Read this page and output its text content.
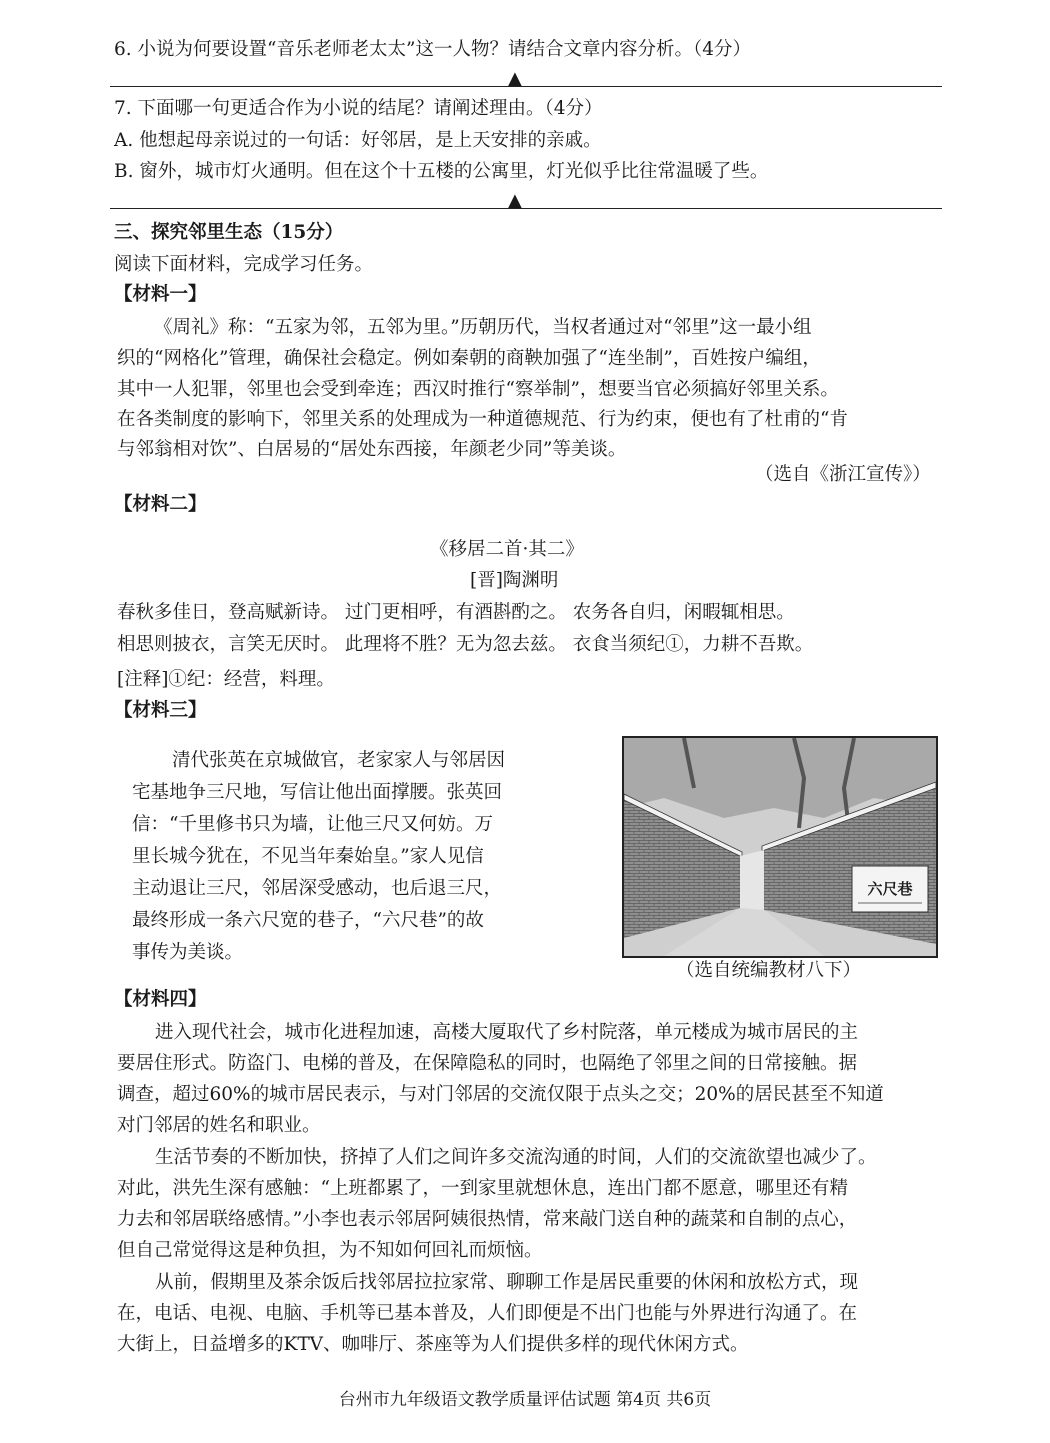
6. 小说为何要设置“音乐老师老太太”这一人物？请结合文章内容分析。（4分）
▲
7. 下面哪一句更适合作为小说的结尾？请阐述理由。（4分）
A. 他想起母亲说过的一句话：好邻居，是上天安排的亲戚。
B. 窗外，城市灯火通明。但在这个十五楼的公寓里，灯光似乎比往常温暖了些。
▲
三、探究邻里生态（15分）
阅读下面材料，完成学习任务。
【材料一】
《周礼》称：“五家为邻，五邻为里。”历朝历代，当权者通过对“邻里”这一最小组
织的“网格化”管理，确保社会稳定。例如秦朝的商鞅加强了“连坐制”，百姓按户编组，
其中一人犯罪，邻里也会受到牵连；西汉时推行“察举制”，想要当官必须搞好邻里关系。
在各类制度的影响下，邻里关系的处理成为一种道德规范、行为约束，便也有了杜甫的“肯
与邻翁相对饮”、白居易的“居处东西接，年颜老少同”等美谈。
（选自《浙江宣传》）
【材料二】
《移居二首·其二》
[晋]陶渊明
春秋多佳日，登高赋新诗。 过门更相呼，有酒斟酌之。 农务各自归，闲暇辄相思。
相思则披衣，言笑无厌时。 此理将不胜？无为忽去兹。 衣食当须纪①，力耕不吾欺。
[注释]①纪：经营，料理。
【材料三】
清代张英在京城做官，老家家人与邻居因
宅基地争三尺地，写信让他出面撑腰。张英回
信：“千里修书只为墙，让他三尺又何妨。万
里长城今犹在，不见当年秦始皇。”家人见信
主动退让三尺，邻居深受感动，也后退三尺，
最终形成一条六尺宽的巷子，“六尺巷”的故
事传为美谈。
六尺巷
（选自统编教材八下）
【材料四】
进入现代社会，城市化进程加速，高楼大厦取代了乡村院落，单元楼成为城市居民的主
要居住形式。防盗门、电梯的普及，在保障隐私的同时，也隔绝了邻里之间的日常接触。据
调查，超过60%的城市居民表示，与对门邻居的交流仅限于点头之交；20%的居民甚至不知道
对门邻居的姓名和职业。
生活节奏的不断加快，挤掉了人们之间许多交流沟通的时间，人们的交流欲望也减少了。
对此，洪先生深有感触：“上班都累了，一到家里就想休息，连出门都不愿意，哪里还有精
力去和邻居联络感情。”小李也表示邻居阿姨很热情，常来敲门送自种的蔬菜和自制的点心，
但自己常觉得这是种负担，为不知如何回礼而烦恼。
从前，假期里及茶余饭后找邻居拉拉家常、聊聊工作是居民重要的休闲和放松方式，现
在，电话、电视、电脑、手机等已基本普及，人们即便是不出门也能与外界进行沟通了。在
大街上，日益增多的KTV、咖啡厅、茶座等为人们提供多样的现代休闲方式。
台州市九年级语文教学质量评估试题 第4页 共6页
